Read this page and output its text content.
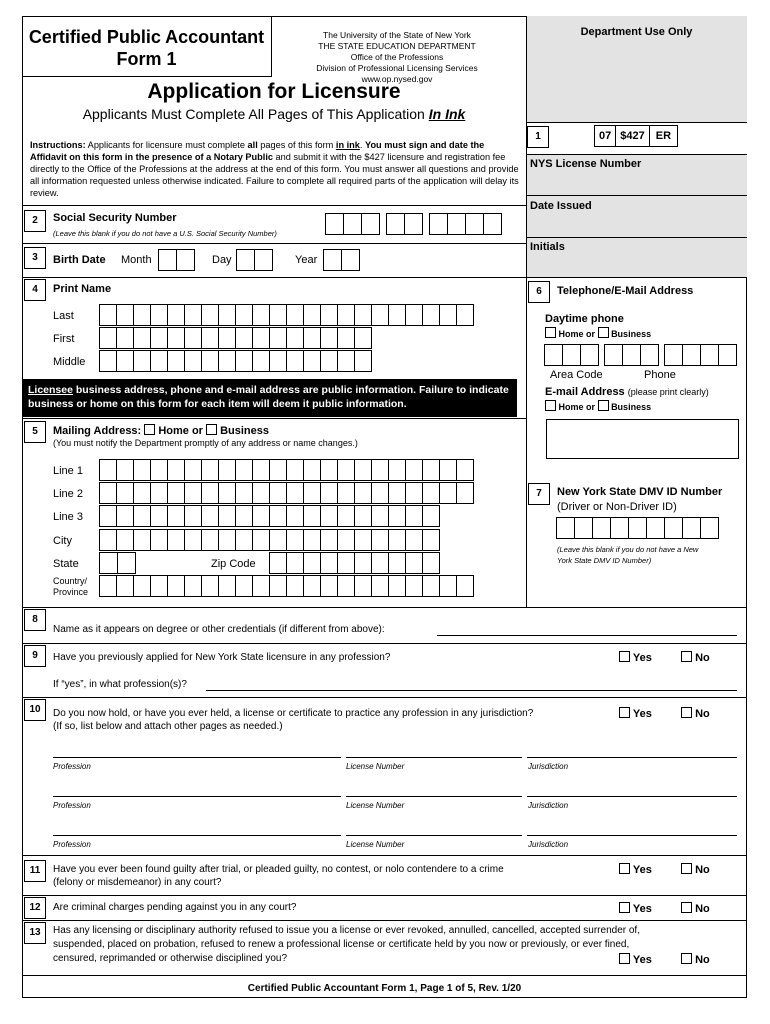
Certified Public Accountant
Form 1
The University of the State of New York
THE STATE EDUCATION DEPARTMENT
Office of the Professions
Division of Professional Licensing Services
www.op.nysed.gov
Application for Licensure
Applicants Must Complete All Pages of This Application In Ink
Department Use Only
1	07 $427	ER
NYS License Number
Date Issued
Initials
Instructions: Applicants for licensure must complete all pages of this form in ink. You must sign and date the Affidavit on this form in the presence of a Notary Public and submit it with the $427 licensure and registration fee directly to the Office of the Professions at the address at the end of this form. You must answer all questions and provide all information requested unless otherwise indicated. Failure to complete all required parts of the application will delay its review.
2	Social Security Number
(Leave this blank if you do not have a U.S. Social Security Number)
3	Birth Date Month	Day	Year
4	Print Name
Last
First
Middle
Licensee business address, phone and e-mail address are public information. Failure to indicate business or home on this form for each item will deem it public information.
5	Mailing Address: Home or Business
(You must notify the Department promptly of any address or name changes.)
Line 1
Line 2
Line 3
City
State	Zip Code
Country/
Province
6	Telephone/E-Mail Address
Daytime phone
Home or Business
Area Code	Phone
E-mail Address (please print clearly)
Home or Business
7	New York State DMV ID Number
(Driver or Non-Driver ID)
(Leave this blank if you do not have a New
York State DMV ID Number)
8
Name as it appears on degree or other credentials (if different from above):
9	Have you previously applied for New York State licensure in any profession?	Yes	No
If “yes”, in what profession(s)?
10	Do you now hold, or have you ever held, a license or certificate to practice any profession in any jurisdiction?
(If so, list below and attach other pages as needed.)
Yes	No
Profession	License Number	Jurisdiction
Profession	License Number	Jurisdiction
Profession	License Number	Jurisdiction
11	Have you ever been found guilty after trial, or pleaded guilty, no contest, or nolo contendere to a crime
(felony or misdemeanor) in any court?
Yes	No
12	Are criminal charges pending against you in any court?	Yes	No
13	Has any licensing or disciplinary authority refused to issue you a license or ever revoked, annulled, cancelled, accepted surrender of,
suspended, placed on probation, refused to renew a professional license or certificate held by you now or previously, or ever fined,
censured, reprimanded or otherwise disciplined you?	Yes	No
Certified Public Accountant Form 1, Page 1 of 5, Rev. 1/20
